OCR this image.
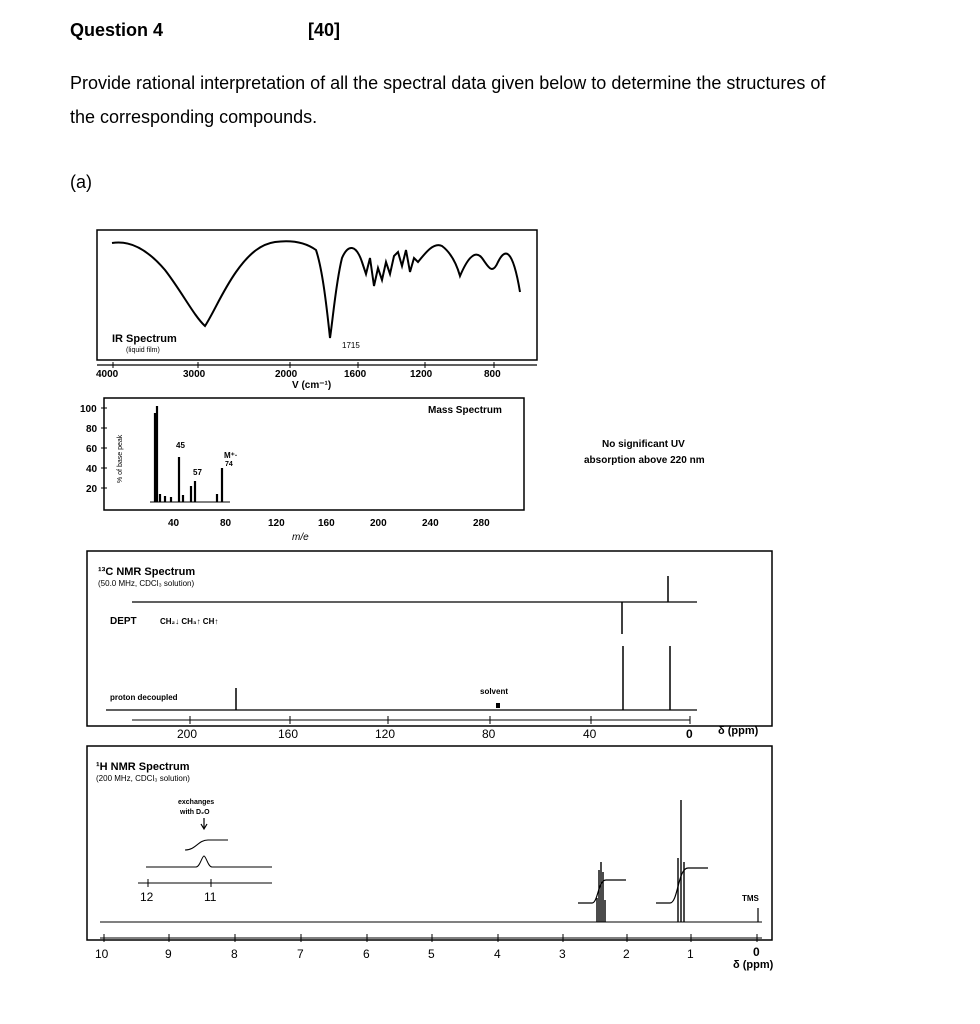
Question 4	[40]
Provide rational interpretation of all the spectral data given below to determine the structures of the corresponding compounds.
(a)
IR Spectrum
(liquid film)
1715
4000	3000	2000	1600	1200	800
V (cm⁻¹)
Mass Spectrum
% of base peak
100
80
60
40
20
45
57
M⁺·
74
40	80	120	160	200	240	280
m/e
No significant UV
absorption above 220 nm
¹³C NMR Spectrum
(50.0 MHz, CDCl₃ solution)
DEPT	CH₂↓ CH₃↑ CH↑
proton decoupled
solvent
200	160	120	80	40	0 δ (ppm)
¹H NMR Spectrum
(200 MHz, CDCl₃ solution)
exchanges
with D₂O
12	11	TMS
10	9	8	7	6	5	4	3	2	1	0
δ (ppm)
